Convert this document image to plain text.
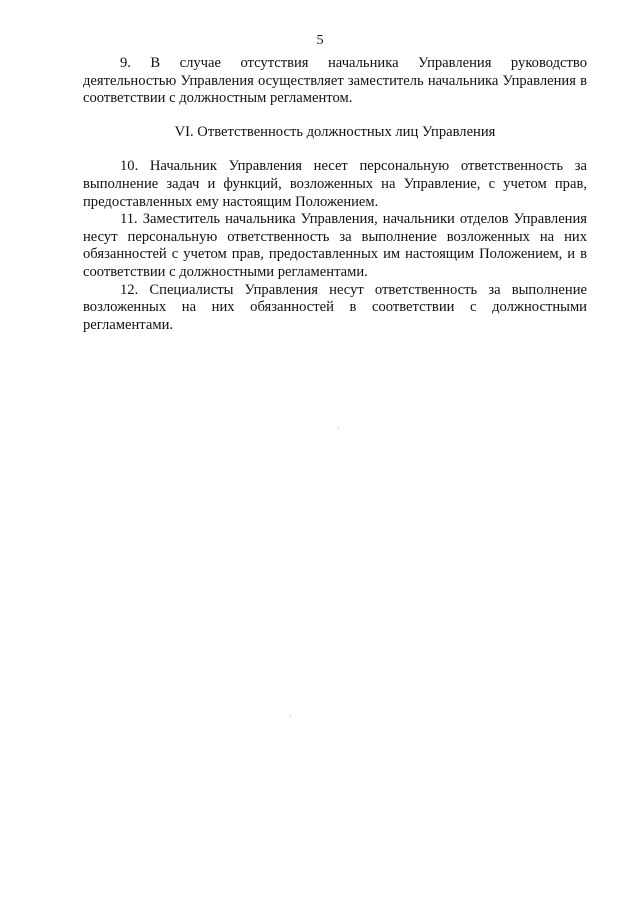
5

9. В случае отсутствия начальника Управления руководство деятельностью Управления осуществляет заместитель начальника Управления в соответствии с должностным регламентом.

VI. Ответственность должностных лиц Управления

10. Начальник Управления несет персональную ответственность за выполнение задач и функций, возложенных на Управление, с учетом прав, предоставленных ему настоящим Положением.

11. Заместитель начальника Управления, начальники отделов Управления несут персональную ответственность за выполнение возложенных на них обязанностей с учетом прав, предоставленных им настоящим Положением, и в соответствии с должностными регламентами.

12. Специалисты Управления несут ответственность за выполнение возложенных на них обязанностей в соответствии с должностными регламентами.
